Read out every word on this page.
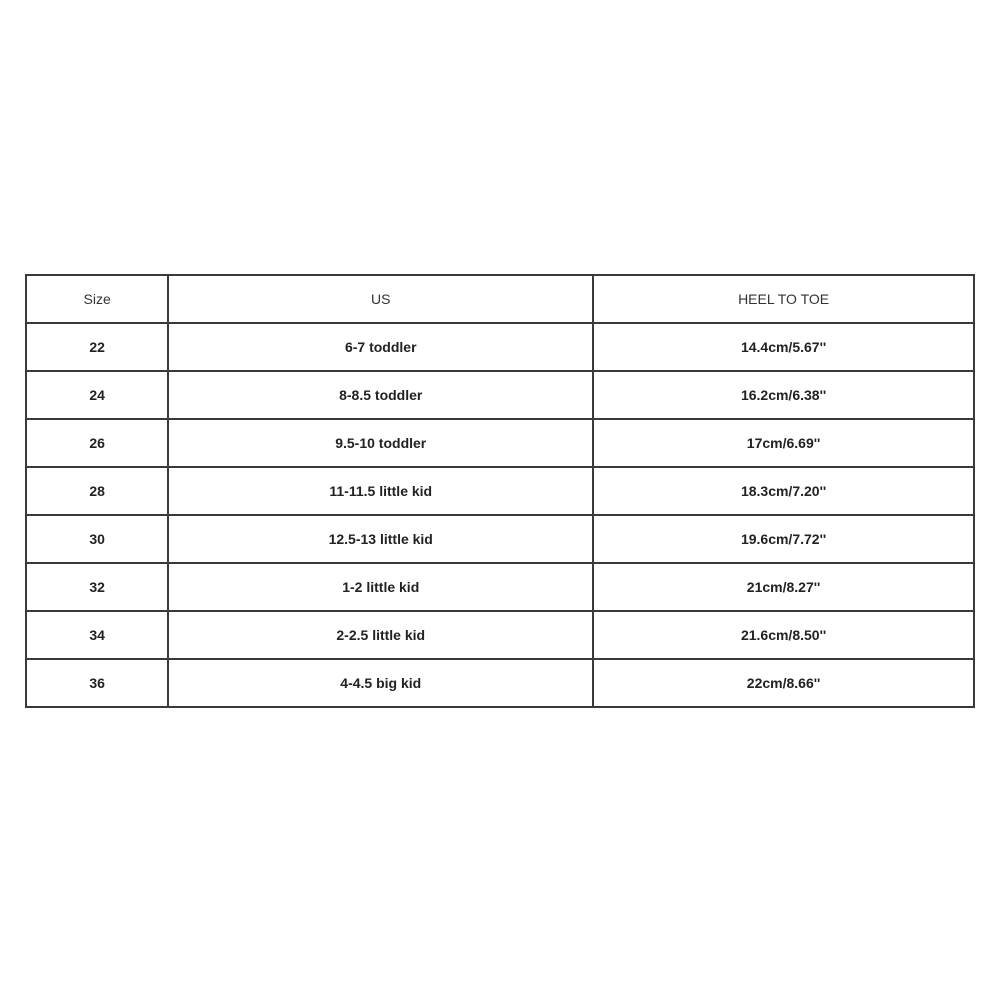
Size	US	HEEL TO TOE
22	6-7 toddler	14.4cm/5.67''
24	8-8.5 toddler	16.2cm/6.38''
26	9.5-10 toddler	17cm/6.69''
28	11-11.5 little kid	18.3cm/7.20''
30	12.5-13 little kid	19.6cm/7.72''
32	1-2 little kid	21cm/8.27''
34	2-2.5 little kid	21.6cm/8.50''
36	4-4.5 big kid	22cm/8.66''
